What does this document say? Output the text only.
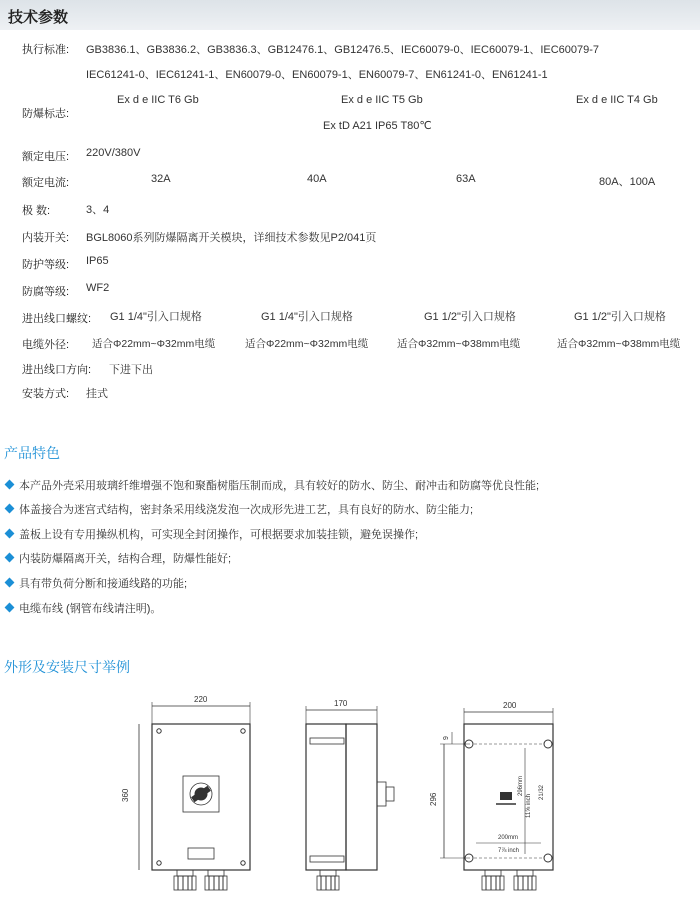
技术参数
执行标准: GB3836.1、GB3836.2、GB3836.3、GB12476.1、GB12476.5、IEC60079-0、IEC60079-1、IEC60079-7
IEC61241-0、IEC61241-1、EN60079-0、EN60079-1、EN60079-7、EN61241-0、EN61241-1
防爆标志:
Ex d e IIC T6 Gb	Ex d e IIC T5 Gb	Ex d e IIC T4 Gb
Ex tD A21 IP65 T80℃
额定电压: 220V/380V
额定电流:	32A	40A	63A	80A、100A
极 数:	3、4
内装开关: BGL8060系列防爆隔离开关模块，详细技术参数见P2/041页
防护等级: IP65
防腐等级: WF2
进出线口螺纹: G1 1/4"引入口规格	G1 1/4"引入口规格	G1 1/2"引入口规格	G1 1/2"引入口规格
电缆外径: 适合Φ22mm~Φ32mm电缆	适合Φ22mm~Φ32mm电缆	适合Φ32mm~Φ38mm电缆	适合Φ32mm~Φ38mm电缆
进出线口方向: 下进下出
安装方式: 挂式
产品特色
本产品外壳采用玻璃纤维增强不饱和聚酯树脂压制而成，具有较好的防水、防尘、耐冲击和防腐等优良性能;
体盖接合为迷宫式结构，密封条采用线浇发泡一次成形先进工艺，具有良好的防水、防尘能力;
盖板上设有专用操纵机构，可实现全封闭操作，可根据要求加装挂锁，避免误操作;
内装防爆隔离开关，结构合理，防爆性能好;
具有带负荷分断和接通线路的功能;
电缆布线 (钢管布线请注明)。
外形及安装尺寸举例
220
360
170	200
9
296
296mm
11⅝ inch
21/32
200mm
7⅞ inch
